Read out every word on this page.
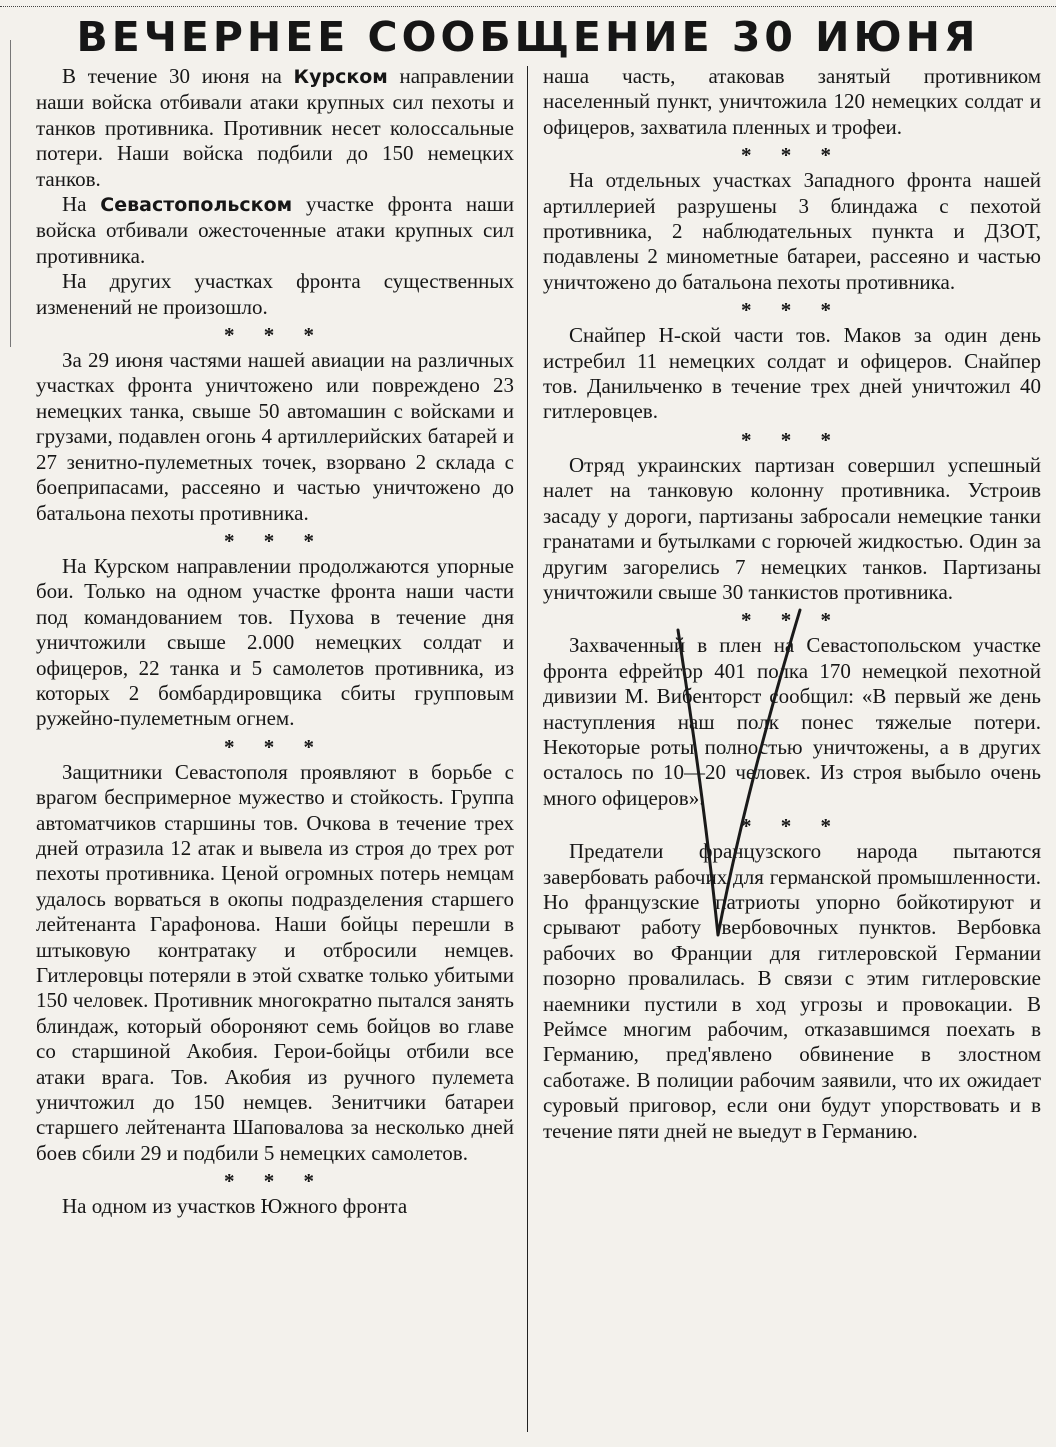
ВЕЧЕРНЕЕ СООБЩЕНИЕ 30 ИЮНЯ

В течение 30 июня на Курском направлении наши войска отбивали атаки крупных сил пехоты и танков противника. Противник несет колоссальные потери. Наши войска подбили до 150 немецких танков.

На Севастопольском участке фронта наши войска отбивали ожесточенные атаки крупных сил противника.

На других участках фронта существенных изменений не произошло.

* * *

За 29 июня частями нашей авиации на различных участках фронта уничтожено или повреждено 23 немецких танка, свыше 50 автомашин с войсками и грузами, подавлен огонь 4 артиллерийских батарей и 27 зенитно-пулеметных точек, взорвано 2 склада с боеприпасами, рассеяно и частью уничтожено до батальона пехоты противника.

* * *

На Курском направлении продолжаются упорные бои. Только на одном участке фронта наши части под командованием тов. Пухова в течение дня уничтожили свыше 2.000 немецких солдат и офицеров, 22 танка и 5 самолетов противника, из которых 2 бомбардировщика сбиты групповым ружейно-пулеметным огнем.

* * *

Защитники Севастополя проявляют в борьбе с врагом беспримерное мужество и стойкость. Группа автоматчиков старшины тов. Очкова в течение трех дней отразила 12 атак и вывела из строя до трех рот пехоты противника. Ценой огромных потерь немцам удалось ворваться в окопы подразделения старшего лейтенанта Гарафонова. Наши бойцы перешли в штыковую контратаку и отбросили немцев. Гитлеровцы потеряли в этой схватке только убитыми 150 человек. Противник многократно пытался занять блиндаж, который обороняют семь бойцов во главе со старшиной Акобия. Герои-бойцы отбили все атаки врага. Тов. Акобия из ручного пулемета уничтожил до 150 немцев. Зенитчики батареи старшего лейтенанта Шаповалова за несколько дней боев сбили 29 и подбили 5 немецких самолетов.

* * *

На одном из участков Южного фронта

наша часть, атаковав занятый противником населенный пункт, уничтожила 120 немецких солдат и офицеров, захватила пленных и трофеи.

* * *

На отдельных участках Западного фронта нашей артиллерией разрушены 3 блиндажа с пехотой противника, 2 наблюдательных пункта и ДЗОТ, подавлены 2 минометные батареи, рассеяно и частью уничтожено до батальона пехоты противника.

* * *

Снайпер Н-ской части тов. Маков за один день истребил 11 немецких солдат и офицеров. Снайпер тов. Данильченко в течение трех дней уничтожил 40 гитлеровцев.

* * *

Отряд украинских партизан совершил успешный налет на танковую колонну противника. Устроив засаду у дороги, партизаны забросали немецкие танки гранатами и бутылками с горючей жидкостью. Один за другим загорелись 7 немецких танков. Партизаны уничтожили свыше 30 танкистов противника.

* * *

Захваченный в плен на Севастопольском участке фронта ефрейтор 401 полка 170 немецкой пехотной дивизии М. Вибенторст сообщил: «В первый же день наступления наш полк понес тяжелые потери. Некоторые роты полностью уничтожены, а в других осталось по 10—20 человек. Из строя выбыло очень много офицеров».

* * *

Предатели французского народа пытаются завербовать рабочих для германской промышленности. Но французские патриоты упорно бойкотируют и срывают работу вербовочных пунктов. Вербовка рабочих во Франции для гитлеровской Германии позорно провалилась. В связи с этим гитлеровские наемники пустили в ход угрозы и провокации. В Реймсе многим рабочим, отказавшимся поехать в Германию, пред'явлено обвинение в злостном саботаже. В полиции рабочим заявили, что их ожидает суровый приговор, если они будут упорствовать и в течение пяти дней не выедут в Германию.
